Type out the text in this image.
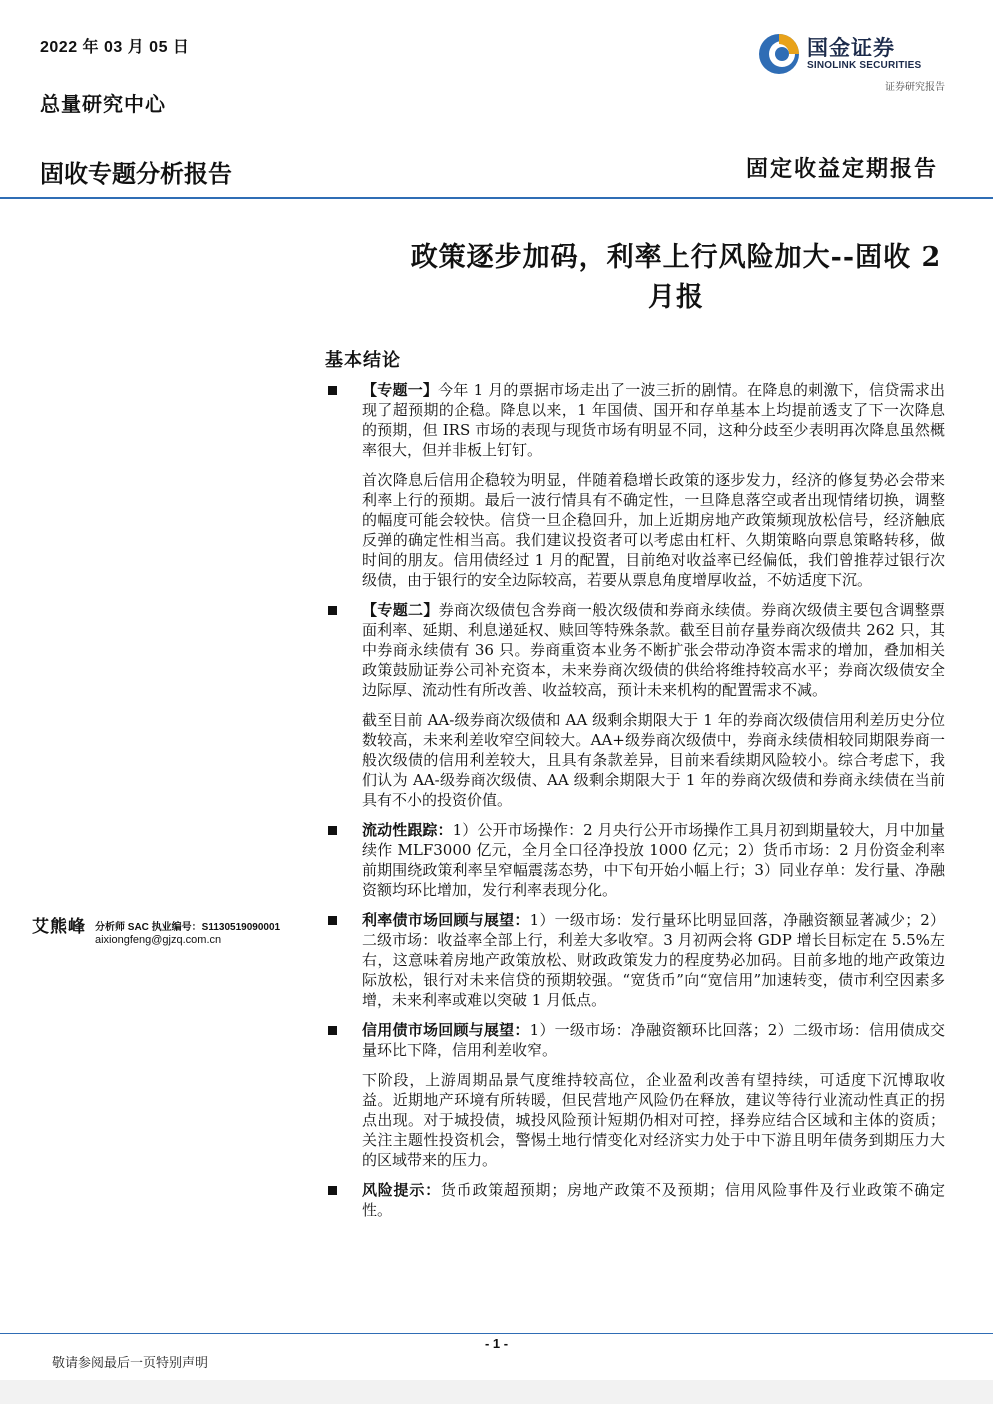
2022 年 03 月 05 日
总量研究中心
国金证券
SINOLINK SECURITIES
证券研究报告
固收专题分析报告	固定收益定期报告
政策逐步加码，利率上行风险加大--固收 2 月报
基本结论
【专题一】今年 1 月的票据市场走出了一波三折的剧情。在降息的刺激下，信贷需求出现了超预期的企稳。降息以来，1 年国债、国开和存单基本上均提前透支了下一次降息的预期，但 IRS 市场的表现与现货市场有明显不同，这种分歧至少表明再次降息虽然概率很大，但并非板上钉钉。
首次降息后信用企稳较为明显，伴随着稳增长政策的逐步发力，经济的修复势必会带来利率上行的预期。最后一波行情具有不确定性，一旦降息落空或者出现情绪切换，调整的幅度可能会较快。信贷一旦企稳回升，加上近期房地产政策频现放松信号，经济触底反弹的确定性相当高。我们建议投资者可以考虑由杠杆、久期策略向票息策略转移，做时间的朋友。信用债经过 1 月的配置，目前绝对收益率已经偏低，我们曾推荐过银行次级债，由于银行的安全边际较高，若要从票息角度增厚收益，不妨适度下沉。
【专题二】券商次级债包含券商一般次级债和券商永续债。券商次级债主要包含调整票面利率、延期、利息递延权、赎回等特殊条款。截至目前存量券商次级债共 262 只，其中券商永续债有 36 只。券商重资本业务不断扩张会带动净资本需求的增加，叠加相关政策鼓励证券公司补充资本，未来券商次级债的供给将维持较高水平；券商次级债安全边际厚、流动性有所改善、收益较高，预计未来机构的配置需求不减。
截至目前 AA-级券商次级债和 AA 级剩余期限大于 1 年的券商次级债信用利差历史分位数较高，未来利差收窄空间较大。AA+级券商次级债中，券商永续债相较同期限券商一般次级债的信用利差较大，且具有条款差异，目前来看续期风险较小。综合考虑下，我们认为 AA-级券商次级债、AA 级剩余期限大于 1 年的券商次级债和券商永续债在当前具有不小的投资价值。
流动性跟踪：1）公开市场操作：2 月央行公开市场操作工具月初到期量较大，月中加量续作 MLF3000 亿元，全月全口径净投放 1000 亿元；2）货币市场：2 月份资金利率前期围绕政策利率呈窄幅震荡态势，中下旬开始小幅上行；3）同业存单：发行量、净融资额均环比增加，发行利率表现分化。
利率债市场回顾与展望：1）一级市场：发行量环比明显回落，净融资额显著减少；2）二级市场：收益率全部上行，利差大多收窄。3 月初两会将 GDP 增长目标定在 5.5%左右，这意味着房地产政策放松、财政政策发力的程度势必加码。目前多地的地产政策边际放松，银行对未来信贷的预期较强。“宽货币”向“宽信用”加速转变，债市利空因素多增，未来利率或难以突破 1 月低点。
信用债市场回顾与展望：1）一级市场：净融资额环比回落；2）二级市场：信用债成交量环比下降，信用利差收窄。
下阶段，上游周期品景气度维持较高位，企业盈利改善有望持续，可适度下沉博取收益。近期地产环境有所转暖，但民营地产风险仍在释放，建议等待行业流动性真正的拐点出现。对于城投债，城投风险预计短期仍相对可控，择券应结合区域和主体的资质；关注主题性投资机会，警惕土地行情变化对经济实力处于中下游且明年债务到期压力大的区域带来的压力。
风险提示：货币政策超预期；房地产政策不及预期；信用风险事件及行业政策不确定性。
艾熊峰 分析师 SAC 执业编号：S1130519090001
aixiongfeng@gjzq.com.cn
- 1 -
敬请参阅最后一页特别声明
